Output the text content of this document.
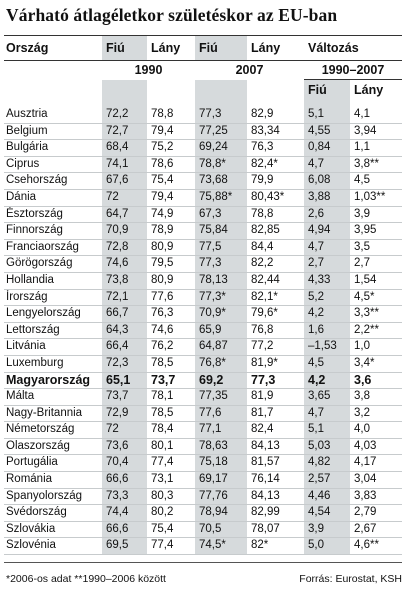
Várható átlagéletkor születéskor az EU-ban
Ország	Fiú	Lány	Fiú	Lány	Változás	
	1990		2007		1990–2007	
					Fiú	Lány

Ausztria	72,2	78,8	77,3	82,9	5,1	4,1
Belgium	72,7	79,4	77,25	83,34	4,55	3,94
Bulgária	68,4	75,2	69,24	76,3	0,84	1,1
Ciprus	74,1	78,6	78,8*	82,4*	4,7	3,8**
Csehország	67,6	75,4	73,68	79,9	6,08	4,5
Dánia	72	79,4	75,88*	80,43*	3,88	1,03**
Észtország	64,7	74,9	67,3	78,8	2,6	3,9
Finnország	70,9	78,9	75,84	82,85	4,94	3,95
Franciaország	72,8	80,9	77,5	84,4	4,7	3,5
Görögország	74,6	79,5	77,3	82,2	2,7	2,7
Hollandia	73,8	80,9	78,13	82,44	4,33	1,54
Írország	72,1	77,6	77,3*	82,1*	5,2	4,5*
Lengyelország	66,7	76,3	70,9*	79,6*	4,2	3,3**
Lettország	64,3	74,6	65,9	76,8	1,6	2,2**
Litvánia	66,4	76,2	64,87	77,2	–1,53	1,0
Luxemburg	72,3	78,5	76,8*	81,9*	4,5	3,4*
Magyarország	65,1	73,7	69,2	77,3	4,2	3,6
Málta	73,7	78,1	77,35	81,9	3,65	3,8
Nagy-Britannia	72,9	78,5	77,6	81,7	4,7	3,2
Németország	72	78,4	77,1	82,4	5,1	4,0
Olaszország	73,6	80,1	78,63	84,13	5,03	4,03
Portugália	70,4	77,4	75,18	81,57	4,82	4,17
Románia	66,6	73,1	69,17	76,14	2,57	3,04
Spanyolország	73,3	80,3	77,76	84,13	4,46	3,83
Svédország	74,4	80,2	78,94	82,99	4,54	2,79
Szlovákia	66,6	75,4	70,5	78,07	3,9	2,67
Szlovénia	69,5	77,4	74,5*	82*	5,0	4,6**
*2006-os adat **1990–2006 között	Forrás: Eurostat, KSH
